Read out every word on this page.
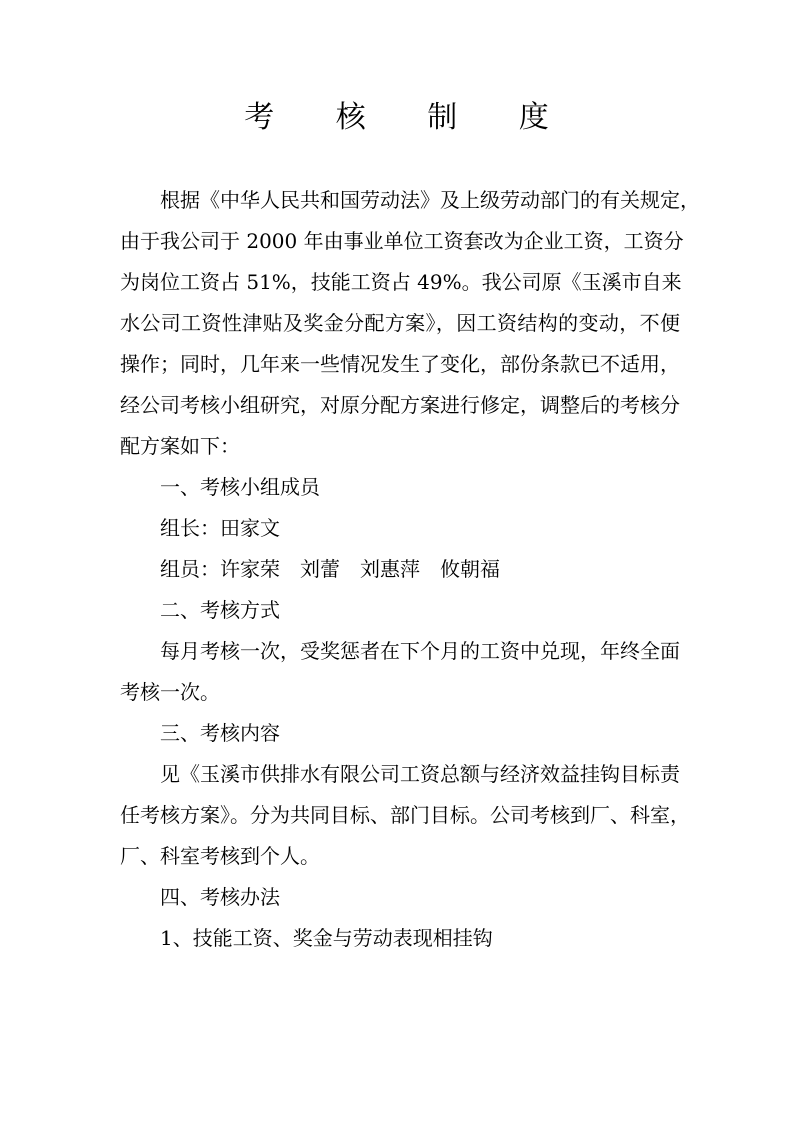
考 核 制 度
根据《中华人民共和国劳动法》及上级劳动部门的有关规定，
由于我公司于 2000 年由事业单位工资套改为企业工资，工资分
为岗位工资占 51%，技能工资占 49%。我公司原《玉溪市自来
水公司工资性津贴及奖金分配方案》，因工资结构的变动，不便
操作；同时，几年来一些情况发生了变化，部份条款已不适用，
经公司考核小组研究，对原分配方案进行修定，调整后的考核分
配方案如下：
一、考核小组成员
组长：田家文
组员：许家荣　刘蕾　刘惠萍　攸朝福
二、考核方式
每月考核一次，受奖惩者在下个月的工资中兑现，年终全面
考核一次。
三、考核内容
见《玉溪市供排水有限公司工资总额与经济效益挂钩目标责
任考核方案》。分为共同目标、部门目标。公司考核到厂、科室，
厂、科室考核到个人。
四、考核办法
1、技能工资、奖金与劳动表现相挂钩
